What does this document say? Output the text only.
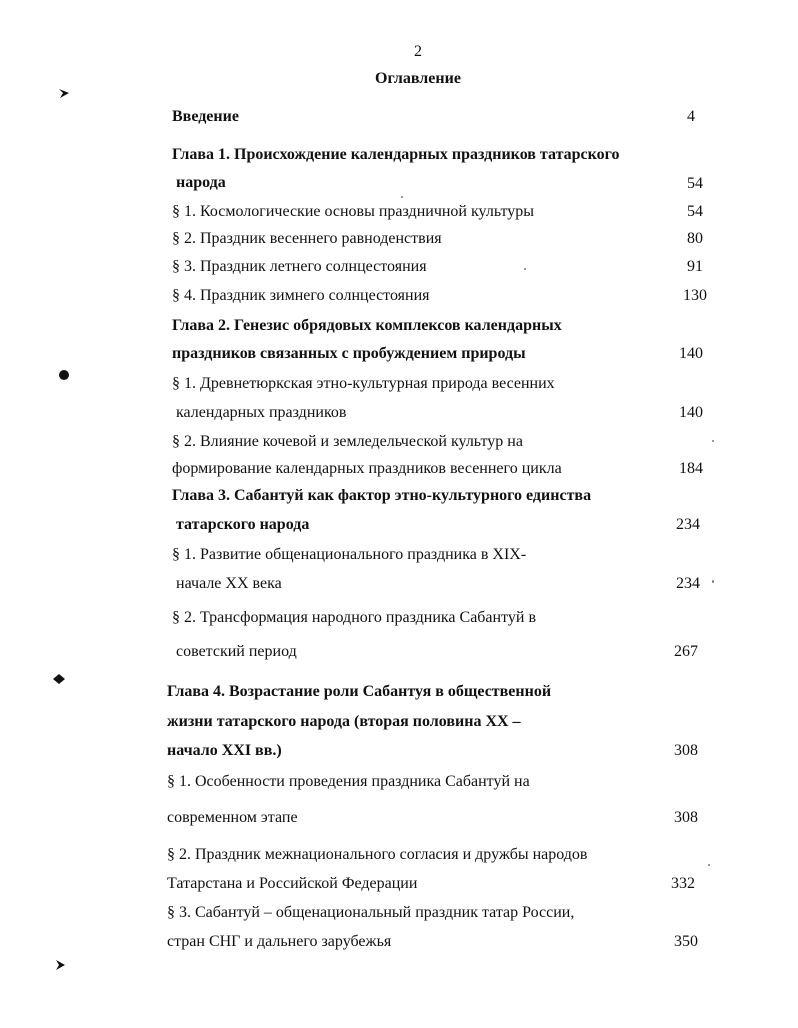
2
Оглавление
Введение	4
Глава 1. Происхождение календарных праздников татарского
народа	54
§ 1. Космологические основы праздничной культуры	54
§ 2. Праздник весеннего равноденствия	80
§ 3. Праздник летнего солнцестояния	91
§ 4. Праздник зимнего солнцестояния	130
Глава 2. Генезис обрядовых комплексов календарных
праздников связанных с пробуждением природы	140
§ 1. Древнетюркская этно-культурная природа весенних
календарных праздников	140
§ 2. Влияние кочевой и земледельческой культур на
формирование календарных праздников весеннего цикла	184
Глава 3. Сабантуй как фактор этно-культурного единства
татарского народа	234
§ 1. Развитие общенационального праздника в XIX-
начале XX века	234
§ 2. Трансформация народного праздника Сабантуй в
советский период	267
Глава 4. Возрастание роли Сабантуя в общественной
жизни татарского народа (вторая половина XX –
начало XXI вв.)	308
§ 1. Особенности проведения праздника Сабантуй на
современном этапе	308
§ 2. Праздник межнационального согласия и дружбы народов
Татарстана и Российской Федерации	332
§ 3. Сабантуй – общенациональный праздник татар России,
стран СНГ и дальнего зарубежья	350
